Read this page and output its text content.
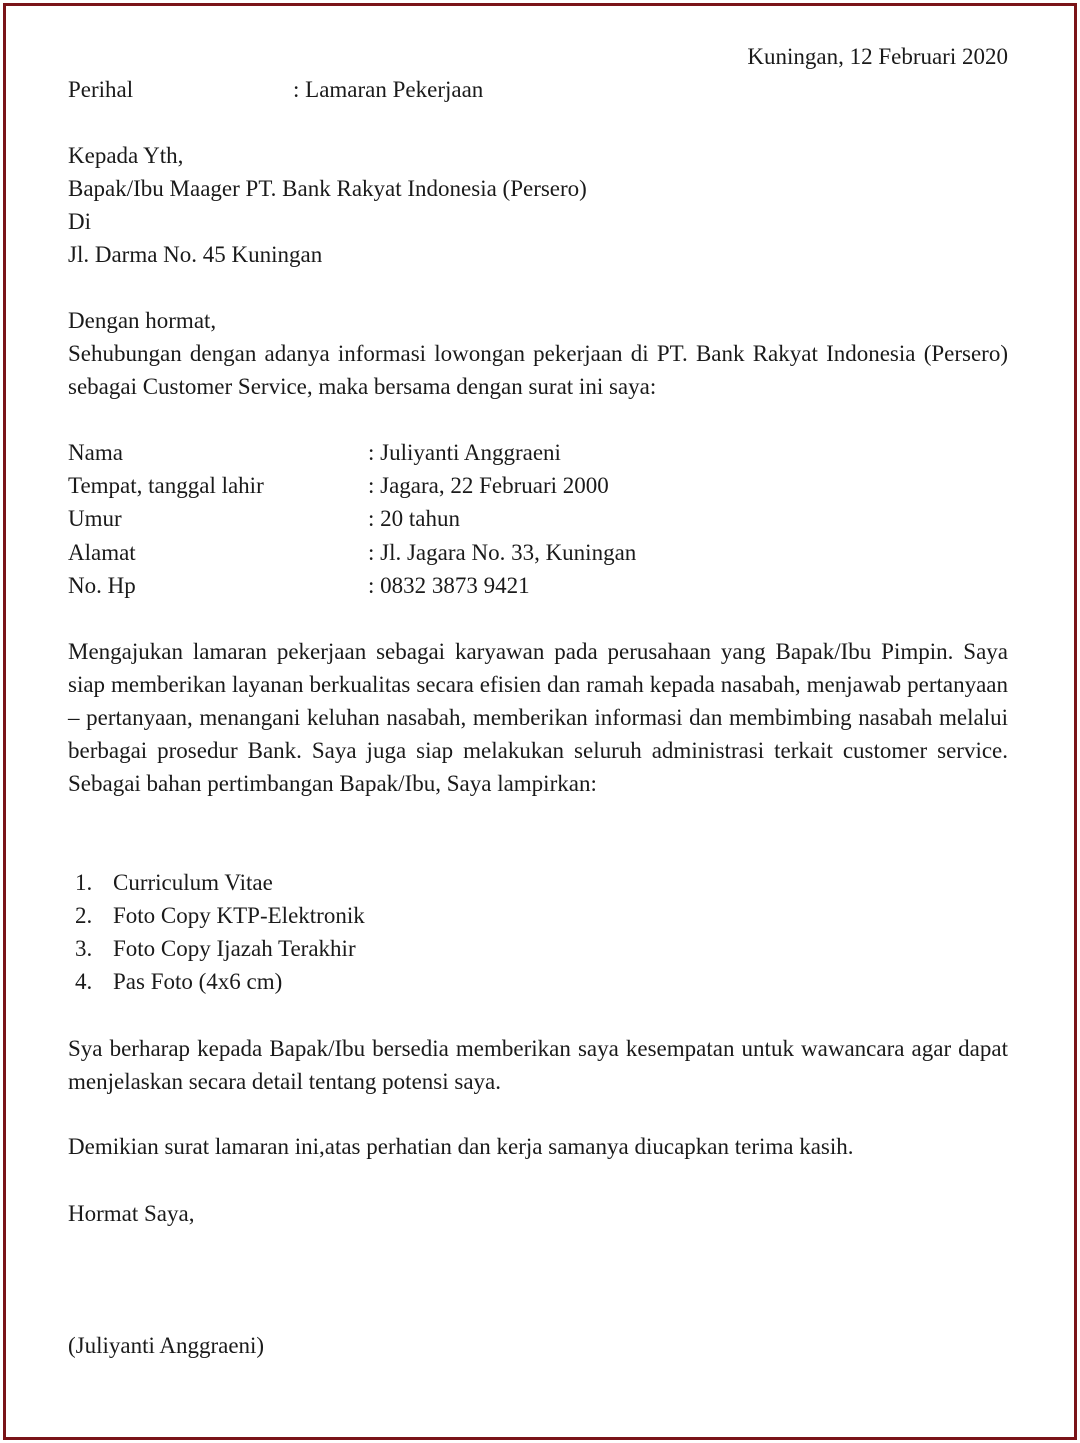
Kuningan, 12 Februari 2020
Perihal	: Lamaran Pekerjaan
Kepada Yth,
Bapak/Ibu Maager PT. Bank Rakyat Indonesia (Persero)
Di
Jl. Darma No. 45 Kuningan
Dengan hormat,
Sehubungan dengan adanya informasi lowongan pekerjaan di PT. Bank Rakyat Indonesia (Persero) sebagai Customer Service, maka bersama dengan surat ini saya:
Nama	: Juliyanti Anggraeni
Tempat, tanggal lahir	: Jagara, 22 Februari 2000
Umur	: 20 tahun
Alamat	: Jl. Jagara No. 33, Kuningan
No. Hp	: 0832 3873 9421
Mengajukan lamaran pekerjaan sebagai karyawan pada perusahaan yang Bapak/Ibu Pimpin. Saya siap memberikan layanan berkualitas secara efisien dan ramah kepada nasabah, menjawab pertanyaan – pertanyaan, menangani keluhan nasabah, memberikan informasi dan membimbing nasabah melalui berbagai prosedur Bank. Saya juga siap melakukan seluruh administrasi terkait customer service. Sebagai bahan pertimbangan Bapak/Ibu, Saya lampirkan:
1. Curriculum Vitae
2. Foto Copy KTP-Elektronik
3. Foto Copy Ijazah Terakhir
4. Pas Foto (4x6 cm)
Sya berharap kepada Bapak/Ibu bersedia memberikan saya kesempatan untuk wawancara agar dapat menjelaskan secara detail tentang potensi saya.
Demikian surat lamaran ini,atas perhatian dan kerja samanya diucapkan terima kasih.
Hormat Saya,
(Juliyanti Anggraeni)
